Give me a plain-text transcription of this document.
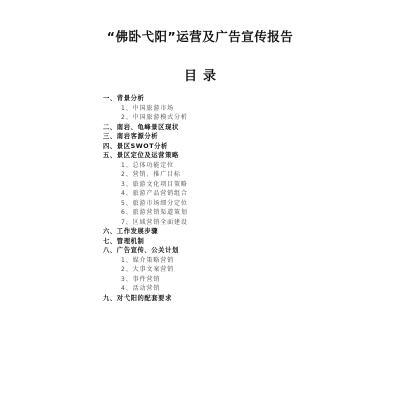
“佛卧弋阳”运营及广告宣传报告
目录
一、背景分析
1、中国旅游市场
2、中国旅游模式分析
二、南岩、龟峰景区现状
三、南岩客源分析
四、景区SWOT分析
五、景区定位及运营策略
1、总体功能定位
2、营销、推广目标
3、旅游文化项目策略
4、旅游产品营销组合
5、旅游市场细分定位
6、旅游营销渠道策划
7、区域营销全面建设
六、工作发展步骤
七、管理机制
八、广告宣传、公关计划
1、媒介策略营销
2、大事文案营销
3、事件营销
4、活动营销
九、对弋阳的配套要求
